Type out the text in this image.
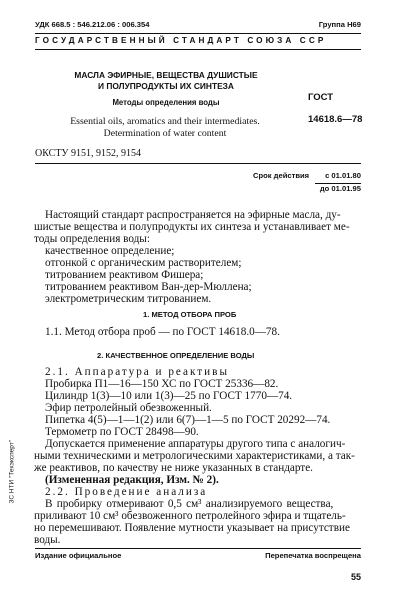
УДК 668.5 : 546.212.06 : 006.354	Группа Н69
ГОСУДАРСТВЕННЫЙ СТАНДАРТ СОЮЗА ССР
МАСЛА ЭФИРНЫЕ, ВЕЩЕСТВА ДУШИСТЫЕ
И ПОЛУПРОДУКТЫ ИХ СИНТЕЗА
Методы определения воды
Essential oils, aromatics and their intermediates.
Determination of water content
ГОСТ
14618.6—78
ОКСТУ 9151, 9152, 9154
Срок действия с 01.01.80
до 01.01.95
Настоящий стандарт распространяется на эфирные масла, ду-
шистые вещества и полупродукты их синтеза и устанавливает ме-
тоды определения воды:
качественное определение;
отгонкой с органическим растворителем;
титрованием реактивом Фишера;
титрованием реактивом Ван-дер-Мюллена;
электрометрическим титрованием.
1. МЕТОД ОТБОРА ПРОБ
1.1. Метод отбора проб — по ГОСТ 14618.0—78.
2. КАЧЕСТВЕННОЕ ОПРЕДЕЛЕНИЕ ВОДЫ
2.1. Аппаратура и реактивы
Пробирка П1—16—150 ХС по ГОСТ 25336—82.
Цилиндр 1(3)—10 или 1(3)—25 по ГОСТ 1770—74.
Эфир петролейный обезвоженный.
Пипетка 4(5)—1—1(2) или 6(7)—1—5 по ГОСТ 20292—74.
Термометр по ГОСТ 28498—90.
Допускается применение аппаратуры другого типа с аналогич-
ными техническими и метрологическими характеристиками, а так-
же реактивов, по качеству не ниже указанных в стандарте.
(Измененная редакция, Изм. № 2).
2.2. Проведение анализа
В пробирку отмеривают 0,5 см³ анализируемого вещества,
приливают 10 см³ обезвоженного петролейного эфира и тщатель-
но перемешивают. Появление мутности указывает на присутствие
воды.
ЗС НТИ "Техэксперт"
Издание официальное	Перепечатка воспрещена
55
